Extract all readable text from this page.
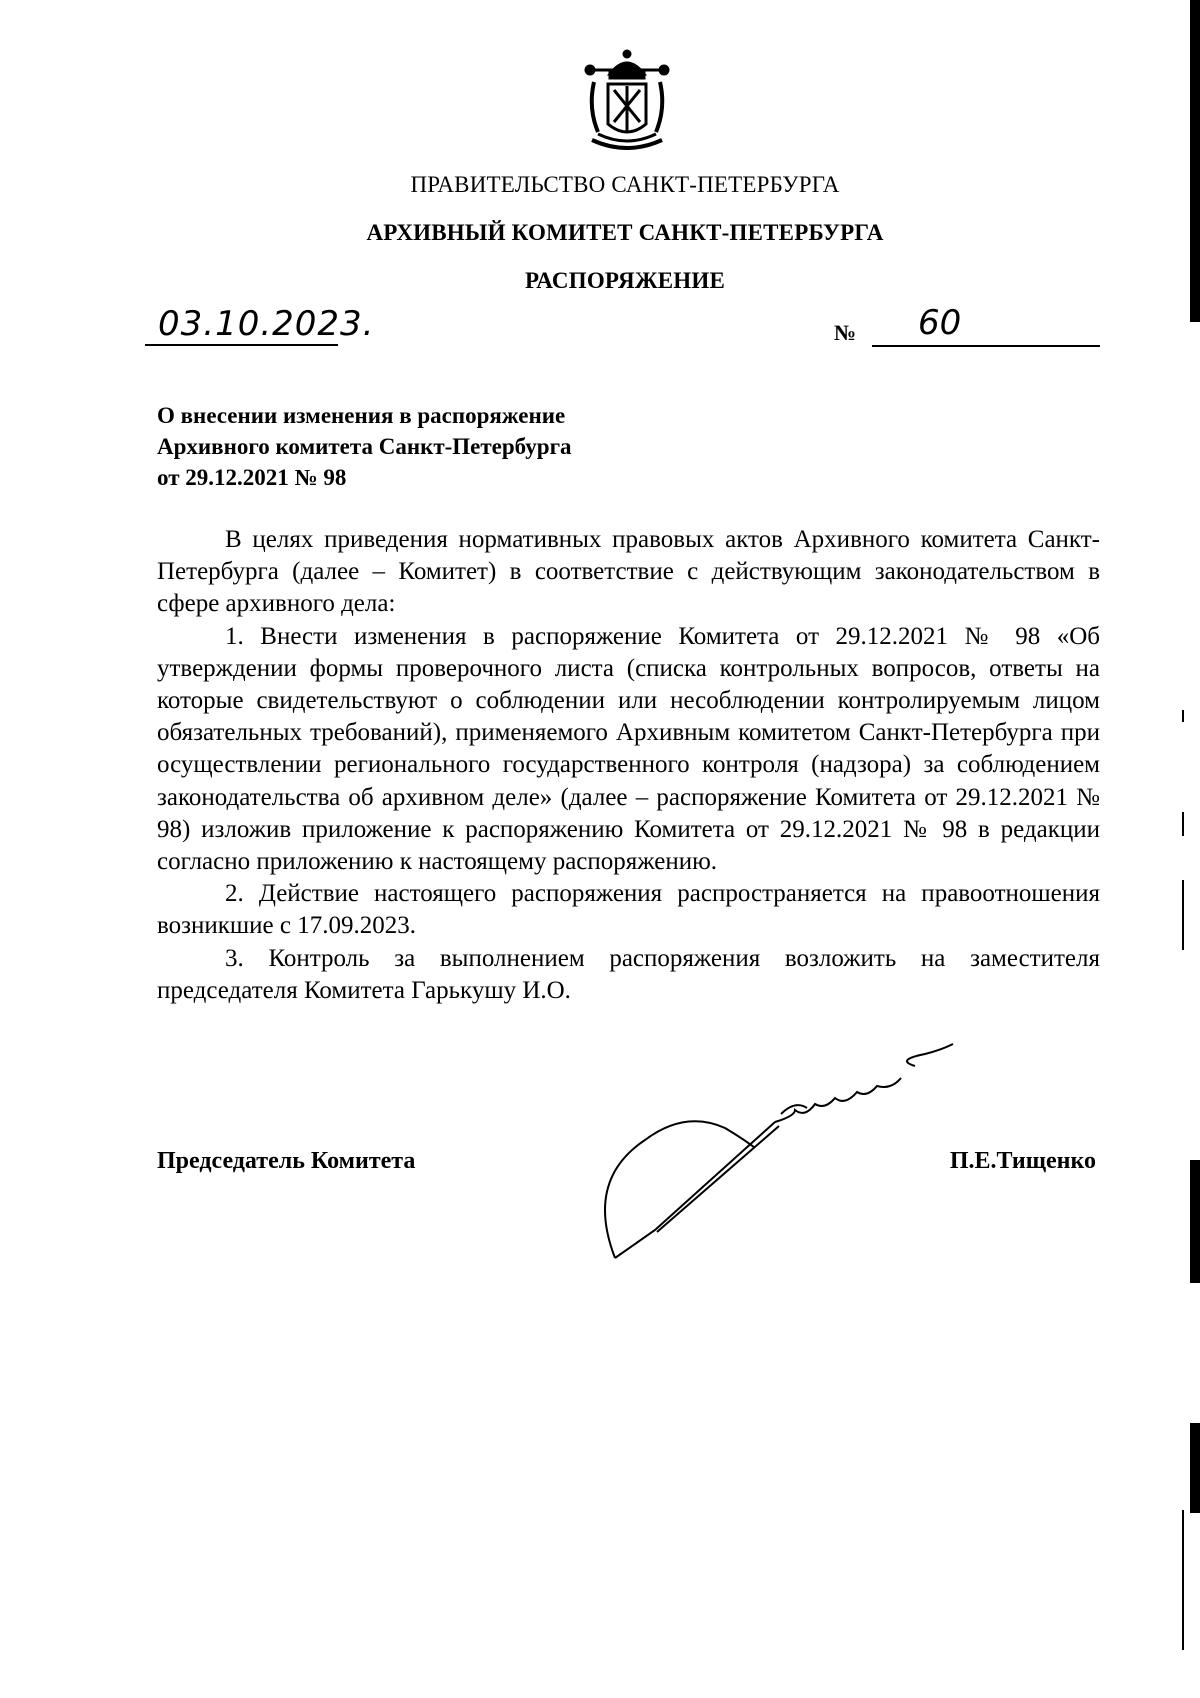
ПРАВИТЕЛЬСТВО САНКТ-ПЕТЕРБУРГА
АРХИВНЫЙ КОМИТЕТ САНКТ-ПЕТЕРБУРГА
РАСПОРЯЖЕНИЕ
03.10.2023.	№ 60
О внесении изменения в распоряжение
Архивного комитета Санкт-Петербурга
от 29.12.2021 № 98

В целях приведения нормативных правовых актов Архивного комитета Санкт-Петербурга (далее – Комитет) в соответствие с действующим законодательством в сфере архивного дела:

1. Внести изменения в распоряжение Комитета от 29.12.2021 № 98 «Об утверждении формы проверочного листа (списка контрольных вопросов, ответы на которые свидетельствуют о соблюдении или несоблюдении контролируемым лицом обязательных требований), применяемого Архивным комитетом Санкт-Петербурга при осуществлении регионального государственного контроля (надзора) за соблюдением законодательства об архивном деле» (далее – распоряжение Комитета от 29.12.2021 № 98) изложив приложение к распоряжению Комитета от 29.12.2021 № 98 в редакции согласно приложению к настоящему распоряжению.

2. Действие настоящего распоряжения распространяется на правоотношения возникшие с 17.09.2023.

3. Контроль за выполнением распоряжения возложить на заместителя председателя Комитета Гарькушу И.О.

Председатель Комитета	П.Е.Тищенко
